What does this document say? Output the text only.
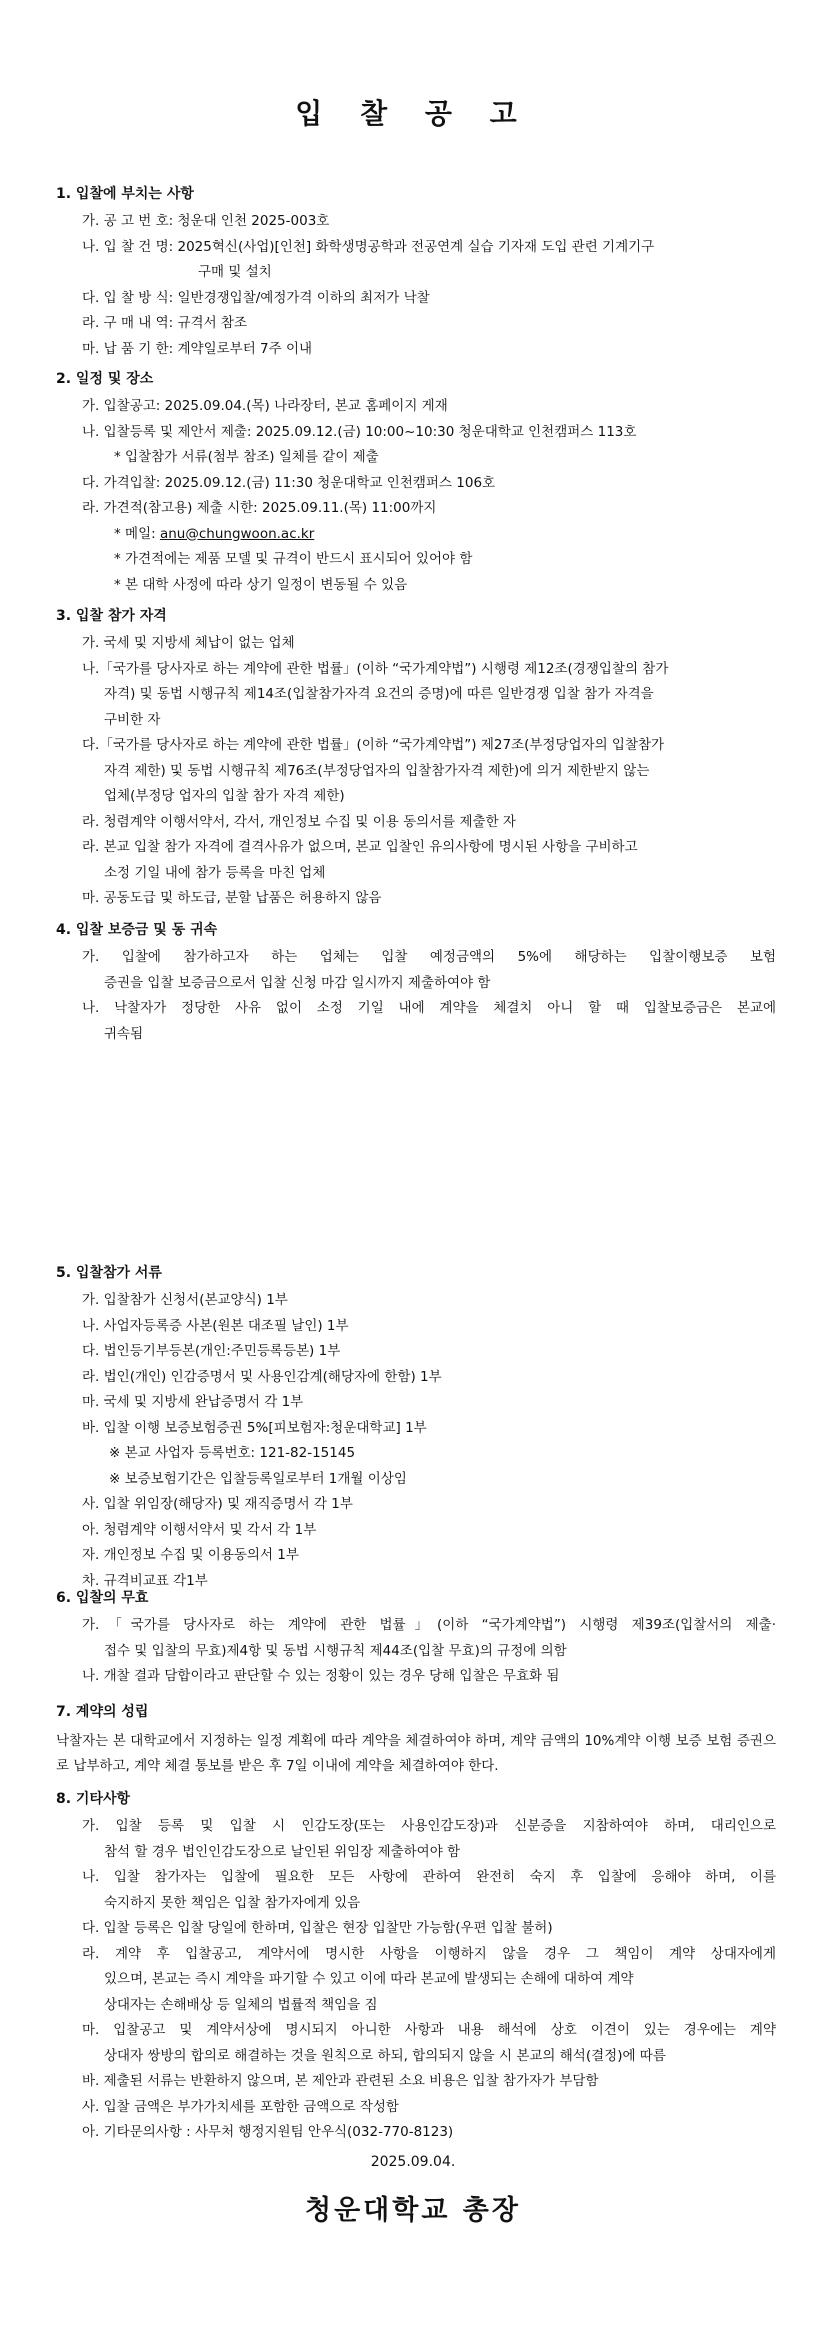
입 찰 공 고
1. 입찰에 부치는 사항
가. 공 고 번 호: 청운대 인천 2025-003호
나. 입 찰 건 명: 2025혁신(사업)[인천] 화학생명공학과 전공연계 실습 기자재 도입 관련 기계기구
구매 및 설치
다. 입 찰 방 식: 일반경쟁입찰/예정가격 이하의 최저가 낙찰
라. 구 매 내 역: 규격서 참조
마. 납 품 기 한: 계약일로부터 7주 이내
2. 일정 및 장소
가. 입찰공고: 2025.09.04.(목) 나라장터, 본교 홈페이지 게재
나. 입찰등록 및 제안서 제출: 2025.09.12.(금) 10:00~10:30 청운대학교 인천캠퍼스 113호
* 입찰참가 서류(첨부 참조) 일체를 같이 제출
다. 가격입찰: 2025.09.12.(금) 11:30 청운대학교 인천캠퍼스 106호
라. 가견적(참고용) 제출 시한: 2025.09.11.(목) 11:00까지
* 메일: anu@chungwoon.ac.kr
* 가견적에는 제품 모델 및 규격이 반드시 표시되어 있어야 함
* 본 대학 사정에 따라 상기 일정이 변동될 수 있음
3. 입찰 참가 자격
가. 국세 및 지방세 체납이 없는 업체
나.「국가를 당사자로 하는 계약에 관한 법률」(이하 “국가계약법”) 시행령 제12조(경쟁입찰의 참가
자격) 및 동법 시행규칙 제14조(입찰참가자격 요건의 증명)에 따른 일반경쟁 입찰 참가 자격을
구비한 자
다.「국가를 당사자로 하는 계약에 관한 법률」(이하 “국가계약법”) 제27조(부정당업자의 입찰참가
자격 제한) 및 동법 시행규칙 제76조(부정당업자의 입찰참가자격 제한)에 의거 제한받지 않는
업체(부정당 업자의 입찰 참가 자격 제한)
라. 청렴계약 이행서약서, 각서, 개인정보 수집 및 이용 동의서를 제출한 자
라. 본교 입찰 참가 자격에 결격사유가 없으며, 본교 입찰인 유의사항에 명시된 사항을 구비하고
소정 기일 내에 참가 등록을 마친 업체
마. 공동도급 및 하도급, 분할 납품은 허용하지 않음
4. 입찰 보증금 및 동 귀속
가. 입찰에 참가하고자 하는 업체는 입찰 예정금액의 5%에 해당하는 입찰이행보증 보험
증권을 입찰 보증금으로서 입찰 신청 마감 일시까지 제출하여야 함
나. 낙찰자가 정당한 사유 없이 소정 기일 내에 계약을 체결치 아니 할 때 입찰보증금은 본교에
귀속됨
5. 입찰참가 서류
가. 입찰참가 신청서(본교양식) 1부
나. 사업자등록증 사본(원본 대조필 날인) 1부
다. 법인등기부등본(개인:주민등록등본) 1부
라. 법인(개인) 인감증명서 및 사용인감계(해당자에 한함) 1부
마. 국세 및 지방세 완납증명서 각 1부
바. 입찰 이행 보증보험증권 5%[피보험자:청운대학교] 1부
※ 본교 사업자 등록번호: 121-82-15145
※ 보증보험기간은 입찰등록일로부터 1개월 이상임
사. 입찰 위임장(해당자) 및 재직증명서 각 1부
아. 청렴계약 이행서약서 및 각서 각 1부
자. 개인정보 수집 및 이용동의서 1부
차. 규격비교표 각1부
6. 입찰의 무효
가.「국가를 당사자로 하는 계약에 관한 법률」(이하 “국가계약법”) 시행령 제39조(입찰서의 제출·
접수 및 입찰의 무효)제4항 및 동법 시행규칙 제44조(입찰 무효)의 규정에 의함
나. 개찰 결과 담합이라고 판단할 수 있는 정황이 있는 경우 당해 입찰은 무효화 됨
7. 계약의 성립
낙찰자는 본 대학교에서 지정하는 일정 계획에 따라 계약을 체결하여야 하며, 계약 금액의 10%계약 이행 보증 보험 증권으로 납부하고, 계약 체결 통보를 받은 후 7일 이내에 계약을 체결하여야 한다.
8. 기타사항
가. 입찰 등록 및 입찰 시 인감도장(또는 사용인감도장)과 신분증을 지참하여야 하며, 대리인으로
참석 할 경우 법인인감도장으로 날인된 위임장 제출하여야 함
나. 입찰 참가자는 입찰에 필요한 모든 사항에 관하여 완전히 숙지 후 입찰에 응해야 하며, 이를
숙지하지 못한 책임은 입찰 참가자에게 있음
다. 입찰 등록은 입찰 당일에 한하며, 입찰은 현장 입찰만 가능함(우편 입찰 불허)
라. 계약 후 입찰공고, 계약서에 명시한 사항을 이행하지 않을 경우 그 책임이 계약 상대자에게
있으며, 본교는 즉시 계약을 파기할 수 있고 이에 따라 본교에 발생되는 손해에 대하여 계약
상대자는 손해배상 등 일체의 법률적 책임을 짐
마. 입찰공고 및 계약서상에 명시되지 아니한 사항과 내용 해석에 상호 이견이 있는 경우에는 계약
상대자 쌍방의 합의로 해결하는 것을 원칙으로 하되, 합의되지 않을 시 본교의 해석(결정)에 따름
바. 제출된 서류는 반환하지 않으며, 본 제안과 관련된 소요 비용은 입찰 참가자가 부담함
사. 입찰 금액은 부가가치세를 포함한 금액으로 작성함
아. 기타문의사항 : 사무처 행정지원팀 안우식(032-770-8123)
2025.09.04.
청운대학교 총장
